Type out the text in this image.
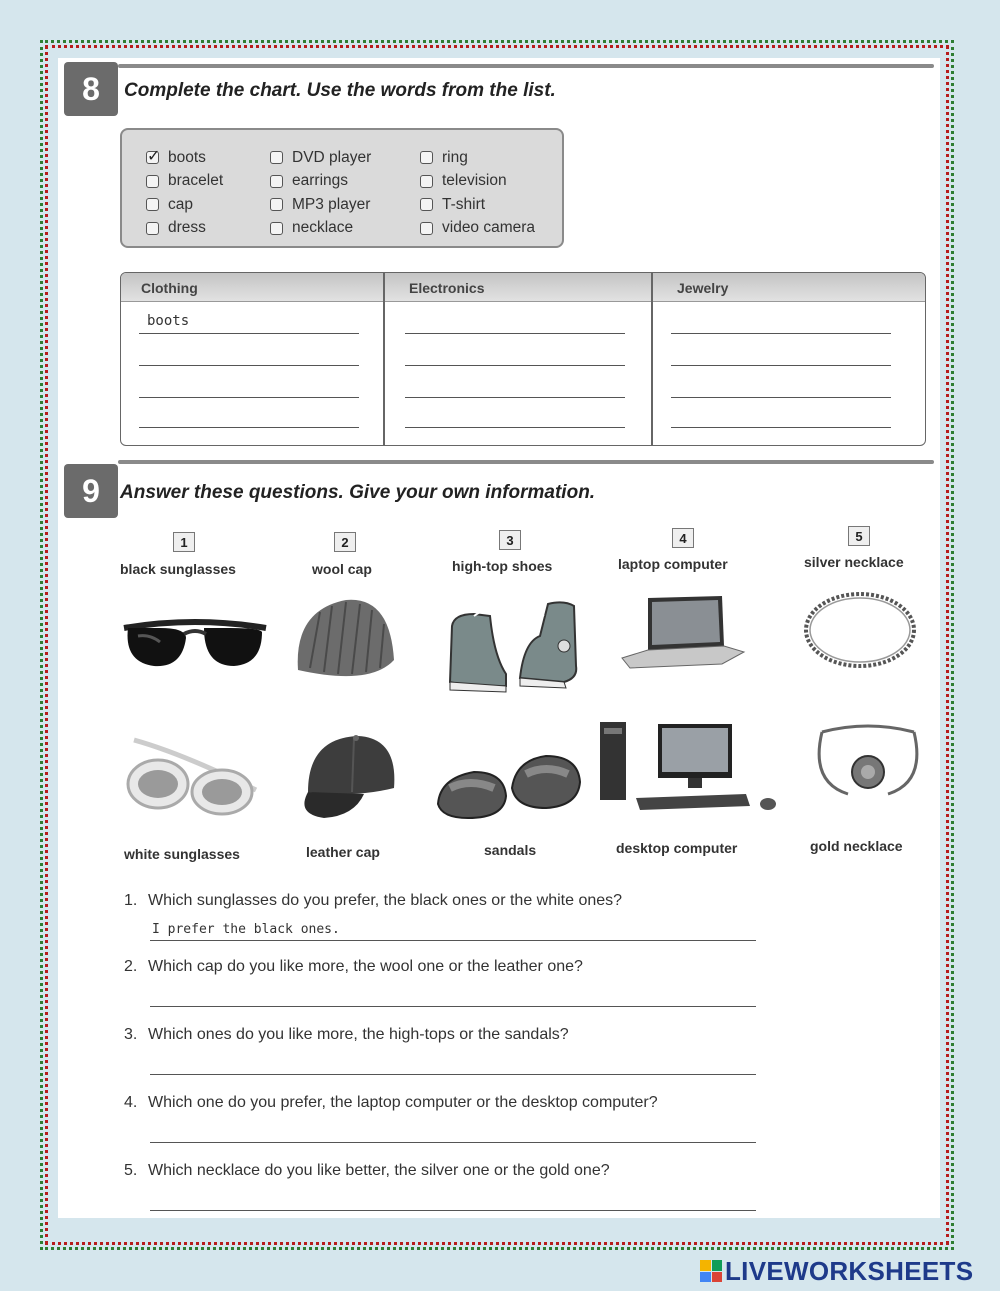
8	Complete the chart. Use the words from the list.
✓
boots
bracelet
cap
dress
DVD player
earrings
MP3 player
necklace
ring
television
T-shirt
video camera
Clothing	Electronics	Jewelry
boots
9	Answer these questions. Give your own information.
1	2	3	4	5
black sunglasses	wool cap	high-top shoes	laptop computer	silver necklace
white sunglasses	leather cap	sandals	desktop computer	gold necklace
1. Which sunglasses do you prefer, the black ones or the white ones?
I prefer the black ones.
2. Which cap do you like more, the wool one or the leather one?
3. Which ones do you like more, the high-tops or the sandals?
4. Which one do you prefer, the laptop computer or the desktop computer?
5. Which necklace do you like better, the silver one or the gold one?
LIVEWORKSHEETS
